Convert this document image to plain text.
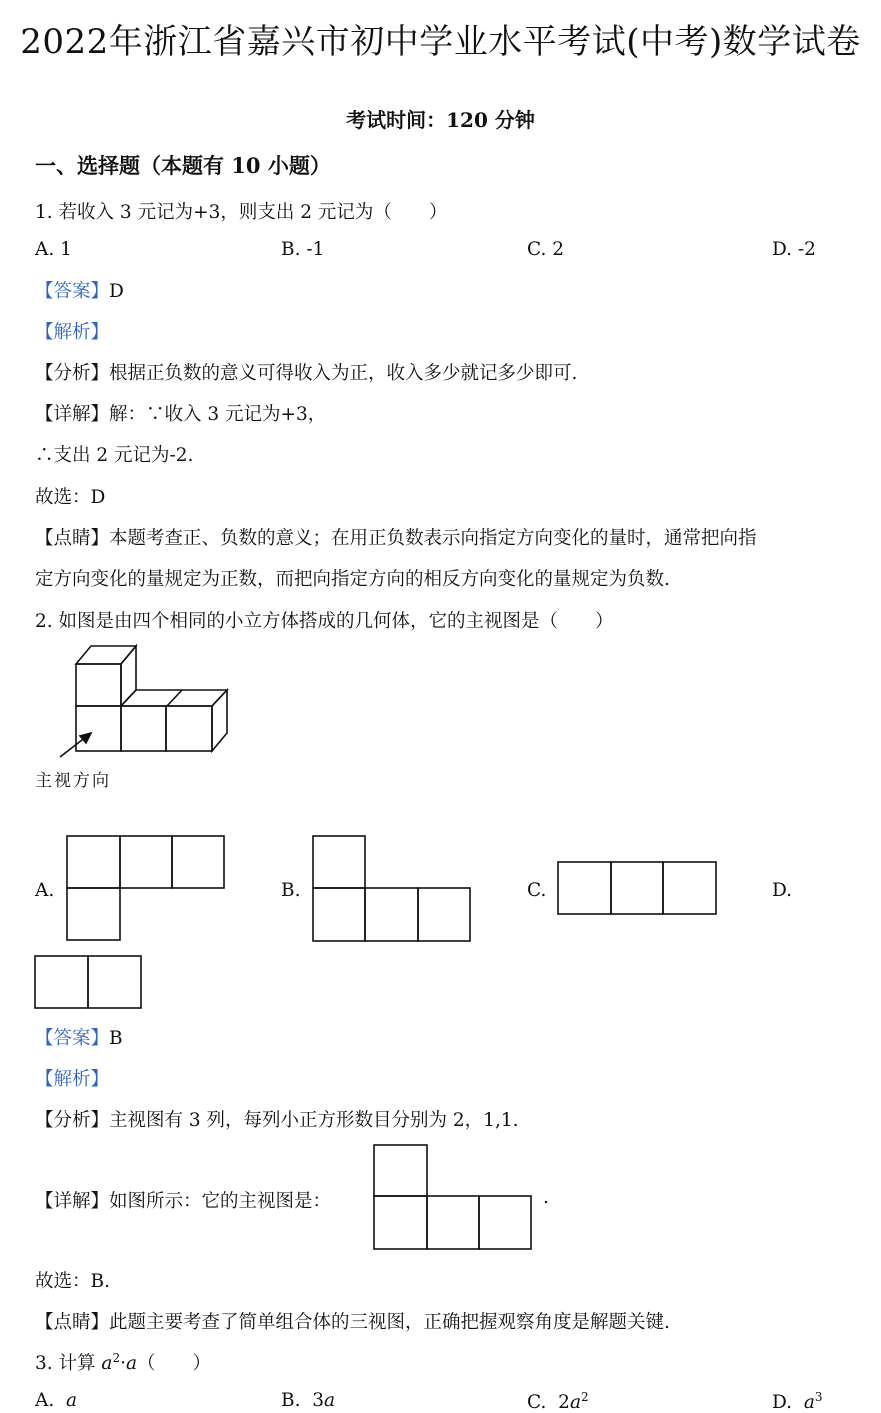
2022年浙江省嘉兴市初中学业水平考试(中考)数学试卷
考试时间：120 分钟
一、选择题（本题有 10 小题）
1. 若收入 3 元记为+3，则支出 2 元记为（　　）
A. 1	B. -1	C. 2	D. -2
【答案】D
【解析】
【分析】根据正负数的意义可得收入为正，收入多少就记多少即可.
【详解】解：∵收入 3 元记为+3，
∴支出 2 元记为-2.
故选：D
【点睛】本题考查正、负数的意义；在用正负数表示向指定方向变化的量时，通常把向指
定方向变化的量规定为正数，而把向指定方向的相反方向变化的量规定为负数.
2. 如图是由四个相同的小立方体搭成的几何体，它的主视图是（　　）
主视方向
A.	B.	C.	D.
【答案】B
【解析】
【分析】主视图有 3 列，每列小正方形数目分别为 2，1,1.
【详解】如图所示：它的主视图是：	.
故选：B.
【点睛】此题主要考查了简单组合体的三视图，正确把握观察角度是解题关键.
3. 计算 $a^2\cdot a$（　　）
A. a	B. 3a	C. $2a^2$	D. $a^3$
